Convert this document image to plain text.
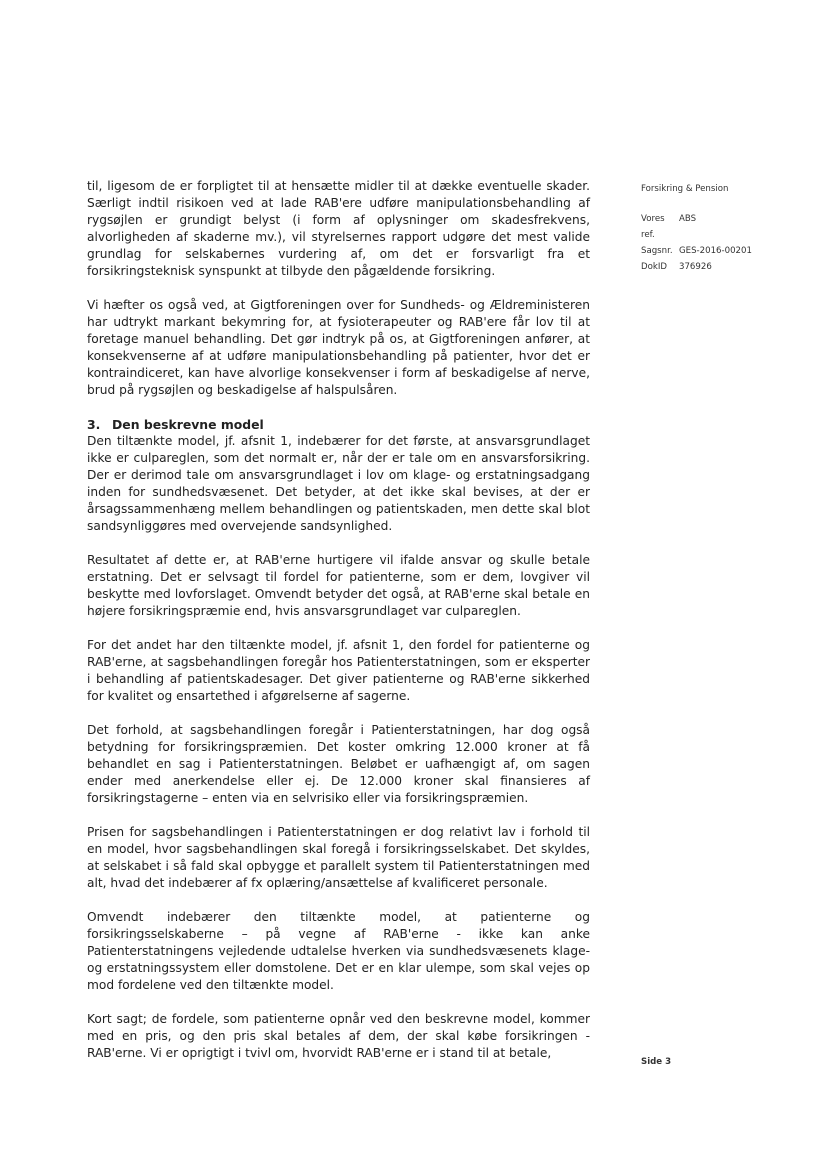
til, ligesom de er forpligtet til at hensætte midler til at dække eventuelle skader. Særligt indtil risikoen ved at lade RAB'ere udføre manipulationsbehandling af rygsøjlen er grundigt belyst (i form af oplysninger om skadesfrekvens, alvorligheden af skaderne mv.), vil styrelsernes rapport udgøre det mest valide grundlag for selskabernes vurdering af, om det er forsvarligt fra et forsikringsteknisk synspunkt at tilbyde den pågældende forsikring.

Vi hæfter os også ved, at Gigtforeningen over for Sundheds- og Ældreministeren har udtrykt markant bekymring for, at fysioterapeuter og RAB'ere får lov til at foretage manuel behandling. Det gør indtryk på os, at Gigtforeningen anfører, at konsekvenserne af at udføre manipulationsbehandling på patienter, hvor det er kontraindiceret, kan have alvorlige konsekvenser i form af beskadigelse af nerve, brud på rygsøjlen og beskadigelse af halspulsåren.

3. Den beskrevne model

Den tiltænkte model, jf. afsnit 1, indebærer for det første, at ansvarsgrundlaget ikke er culpareglen, som det normalt er, når der er tale om en ansvarsforsikring. Der er derimod tale om ansvarsgrundlaget i lov om klage- og erstatningsadgang inden for sundhedsvæsenet. Det betyder, at det ikke skal bevises, at der er årsagssammenhæng mellem behandlingen og patientskaden, men dette skal blot sandsynliggøres med overvejende sandsynlighed.

Resultatet af dette er, at RAB'erne hurtigere vil ifalde ansvar og skulle betale erstatning. Det er selvsagt til fordel for patienterne, som er dem, lovgiver vil beskytte med lovforslaget. Omvendt betyder det også, at RAB'erne skal betale en højere forsikringspræmie end, hvis ansvarsgrundlaget var culpareglen.

For det andet har den tiltænkte model, jf. afsnit 1, den fordel for patienterne og RAB'erne, at sagsbehandlingen foregår hos Patienterstatningen, som er eksperter i behandling af patientskadesager. Det giver patienterne og RAB'erne sikkerhed for kvalitet og ensartethed i afgørelserne af sagerne.

Det forhold, at sagsbehandlingen foregår i Patienterstatningen, har dog også betydning for forsikringspræmien. Det koster omkring 12.000 kroner at få behandlet en sag i Patienterstatningen. Beløbet er uafhængigt af, om sagen ender med anerkendelse eller ej. De 12.000 kroner skal finansieres af forsikringstagerne – enten via en selvrisiko eller via forsikringspræmien.

Prisen for sagsbehandlingen i Patienterstatningen er dog relativt lav i forhold til en model, hvor sagsbehandlingen skal foregå i forsikringsselskabet. Det skyldes, at selskabet i så fald skal opbygge et parallelt system til Patienterstatningen med alt, hvad det indebærer af fx oplæring/ansættelse af kvalificeret personale.

Omvendt indebærer den tiltænkte model, at patienterne og forsikringsselskaberne – på vegne af RAB'erne - ikke kan anke Patienterstatningens vejledende udtalelse hverken via sundhedsvæsenets klage- og erstatningssystem eller domstolene. Det er en klar ulempe, som skal vejes op mod fordelene ved den tiltænkte model.

Kort sagt; de fordele, som patienterne opnår ved den beskrevne model, kommer med en pris, og den pris skal betales af dem, der skal købe forsikringen - RAB'erne. Vi er oprigtigt i tvivl om, hvorvidt RAB'erne er i stand til at betale,

Forsikring & Pension
Vores ref.
ABS
Sagsnr. GES-2016-00201
DokID	376926
Side 3
